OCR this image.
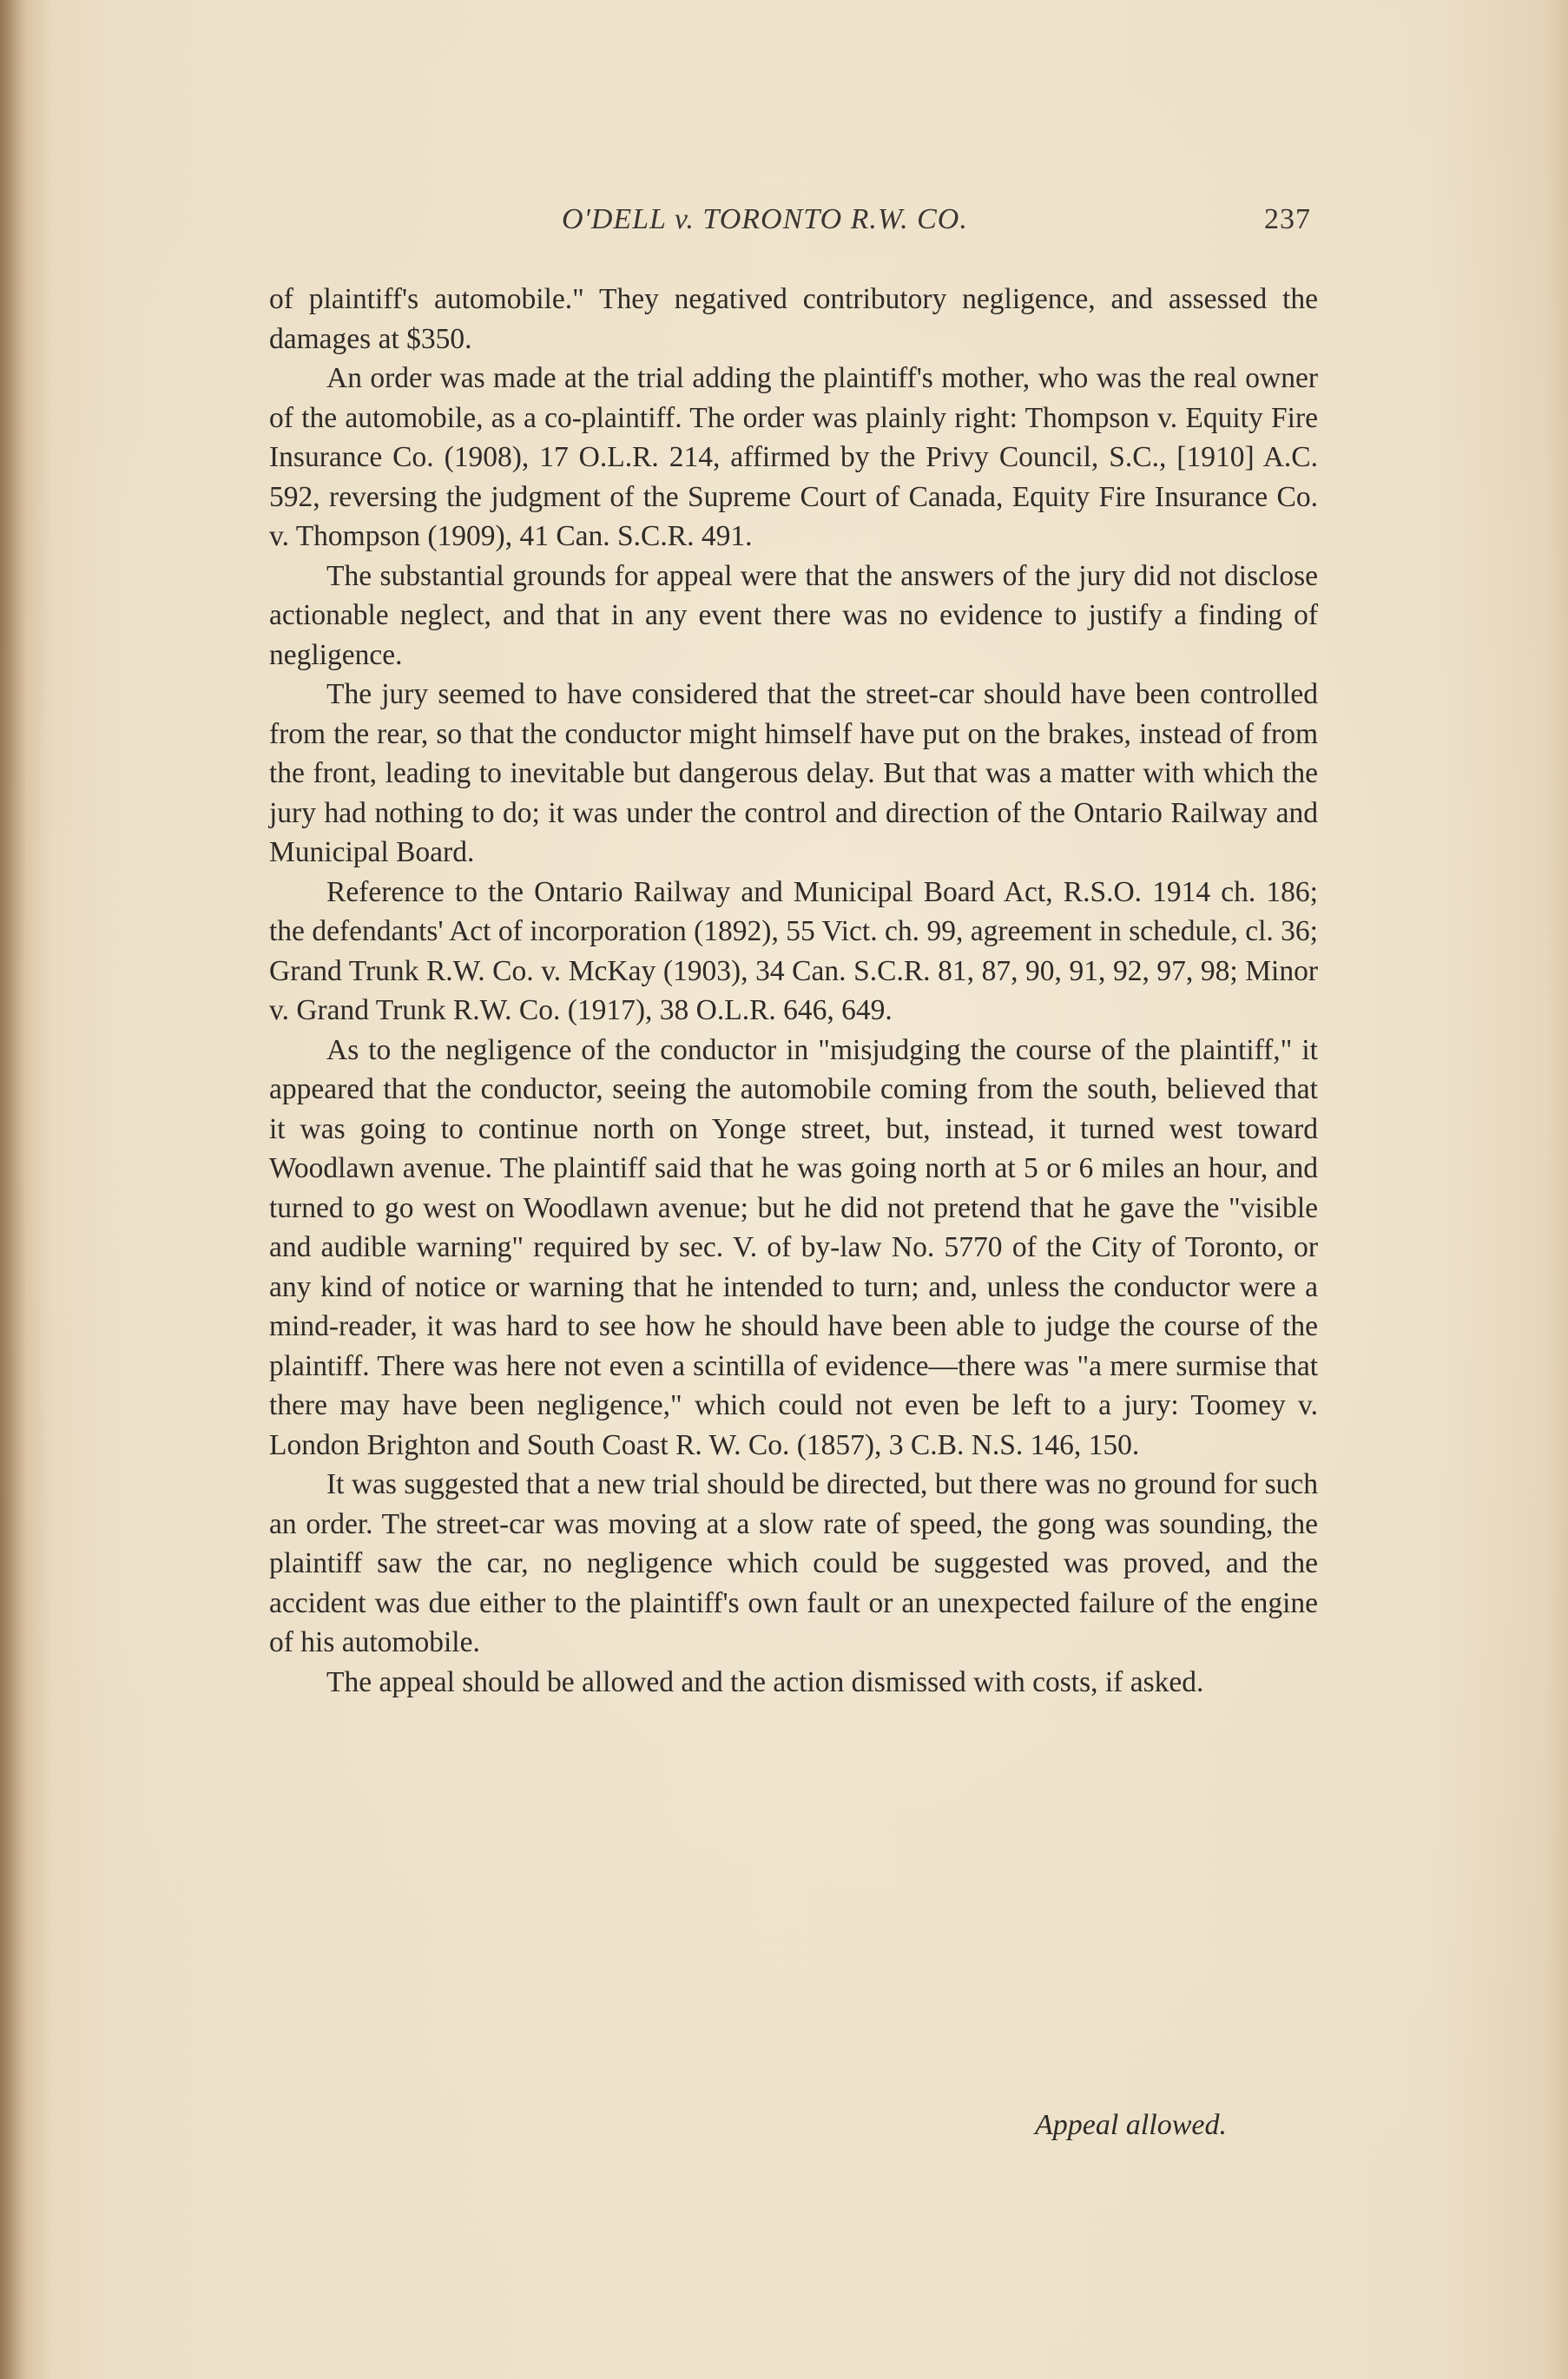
O'DELL v. TORONTO R.W. CO.	237

of plaintiff's automobile." They negatived contributory negligence, and assessed the damages at $350.

An order was made at the trial adding the plaintiff's mother, who was the real owner of the automobile, as a co-plaintiff. The order was plainly right: Thompson v. Equity Fire Insurance Co. (1908), 17 O.L.R. 214, affirmed by the Privy Council, S.C., [1910] A.C. 592, reversing the judgment of the Supreme Court of Canada, Equity Fire Insurance Co. v. Thompson (1909), 41 Can. S.C.R. 491.

The substantial grounds for appeal were that the answers of the jury did not disclose actionable neglect, and that in any event there was no evidence to justify a finding of negligence.

The jury seemed to have considered that the street-car should have been controlled from the rear, so that the conductor might himself have put on the brakes, instead of from the front, leading to inevitable but dangerous delay. But that was a matter with which the jury had nothing to do; it was under the control and direction of the Ontario Railway and Municipal Board.

Reference to the Ontario Railway and Municipal Board Act, R.S.O. 1914 ch. 186; the defendants' Act of incorporation (1892), 55 Vict. ch. 99, agreement in schedule, cl. 36; Grand Trunk R.W. Co. v. McKay (1903), 34 Can. S.C.R. 81, 87, 90, 91, 92, 97, 98; Minor v. Grand Trunk R.W. Co. (1917), 38 O.L.R. 646, 649.

As to the negligence of the conductor in "misjudging the course of the plaintiff," it appeared that the conductor, seeing the automobile coming from the south, believed that it was going to continue north on Yonge street, but, instead, it turned west toward Woodlawn avenue. The plaintiff said that he was going north at 5 or 6 miles an hour, and turned to go west on Woodlawn avenue; but he did not pretend that he gave the "visible and audible warning" required by sec. V. of by-law No. 5770 of the City of Toronto, or any kind of notice or warning that he intended to turn; and, unless the conductor were a mind-reader, it was hard to see how he should have been able to judge the course of the plaintiff. There was here not even a scintilla of evidence—there was "a mere surmise that there may have been negligence," which could not even be left to a jury: Toomey v. London Brighton and South Coast R. W. Co. (1857), 3 C.B. N.S. 146, 150.

It was suggested that a new trial should be directed, but there was no ground for such an order. The street-car was moving at a slow rate of speed, the gong was sounding, the plaintiff saw the car, no negligence which could be suggested was proved, and the accident was due either to the plaintiff's own fault or an unexpected failure of the engine of his automobile.

The appeal should be allowed and the action dismissed with costs, if asked.

Appeal allowed.
